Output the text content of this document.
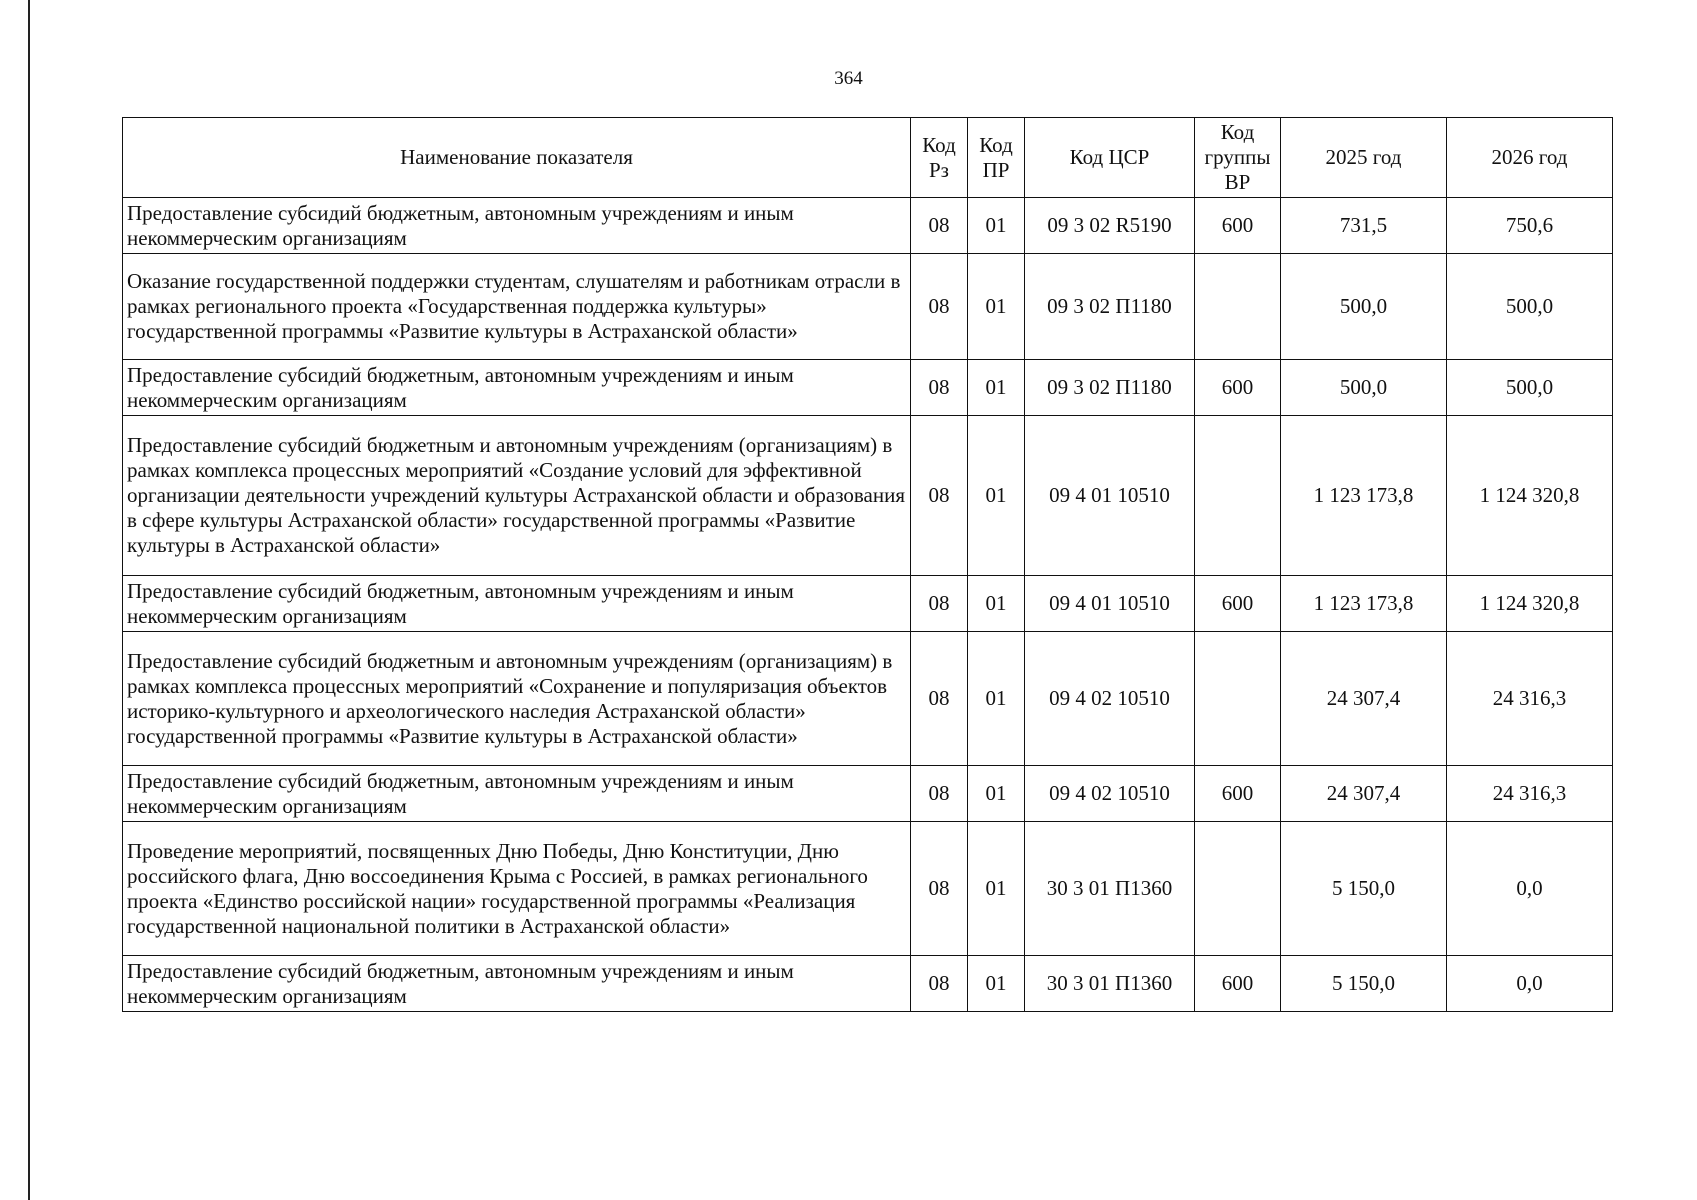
364
Наименование показателя	Код Рз	Код ПР	Код ЦСР	Код группы ВР	2025 год	2026 год
Предоставление субсидий бюджетным, автономным учреждениям и иным некоммерческим организациям	08	01	09 3 02 R5190	600	731,5	750,6
Оказание государственной поддержки студентам, слушателям и работникам отрасли в рамках регионального проекта «Государственная поддержка культуры» государственной программы «Развитие культуры в Астраханской области»	08	01	09 3 02 П1180		500,0	500,0
Предоставление субсидий бюджетным, автономным учреждениям и иным некоммерческим организациям	08	01	09 3 02 П1180	600	500,0	500,0
Предоставление субсидий бюджетным и автономным учреждениям (организациям) в рамках комплекса процессных мероприятий «Создание условий для эффективной организации деятельности учреждений культуры Астраханской области и образования в сфере культуры Астраханской области» государственной программы «Развитие культуры в Астраханской области»	08	01	09 4 01 10510		1 123 173,8	1 124 320,8
Предоставление субсидий бюджетным, автономным учреждениям и иным некоммерческим организациям	08	01	09 4 01 10510	600	1 123 173,8	1 124 320,8
Предоставление субсидий бюджетным и автономным учреждениям (организациям) в рамках комплекса процессных мероприятий «Сохранение и популяризация объектов историко-культурного и археологического наследия Астраханской области» государственной программы «Развитие культуры в Астраханской области»	08	01	09 4 02 10510		24 307,4	24 316,3
Предоставление субсидий бюджетным, автономным учреждениям и иным некоммерческим организациям	08	01	09 4 02 10510	600	24 307,4	24 316,3
Проведение мероприятий, посвященных Дню Победы, Дню Конституции, Дню российского флага, Дню воссоединения Крыма с Россией, в рамках регионального проекта «Единство российской нации» государственной программы «Реализация государственной национальной политики в Астраханской области»	08	01	30 3 01 П1360		5 150,0	0,0
Предоставление субсидий бюджетным, автономным учреждениям и иным некоммерческим организациям	08	01	30 3 01 П1360	600	5 150,0	0,0
